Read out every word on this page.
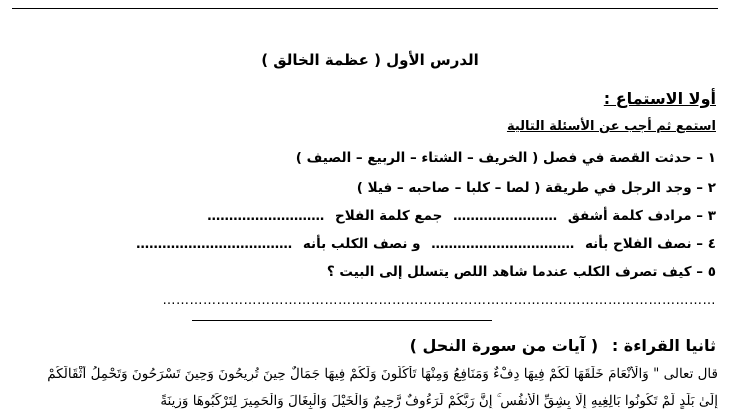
الدرس الأول ( عظمة الخالق )
أولا الاستماع :
استمع ثم أجب عن الأسئلة التالية
١ – حدثت القصة في فصل ( الخريف – الشتاء – الربيع – الصيف )
٢ – وجد الرجل في طريقة ( لصا – كلبا – صاحبه – فيلا )
٣ – مرادف كلمة أشفق …………………… جمع كلمة الفلاح ………………………
٤ – نصف الفلاح بأنه …………………………… و نصف الكلب بأنه ………………………………
٥ – كيف تصرف الكلب عندما شاهد اللص يتسلل إلى البيت ؟
……………………………………………………………………………………………………………
ثانيا القراءة : ( آيات من سورة النحل )
قال تعالى " وَالْأَنْعَامَ خَلَقَهَا لَكُمْ فِيهَا دِفْءٌ وَمَنَافِعُ وَمِنْهَا تَأْكُلُونَ وَلَكُمْ فِيهَا جَمَالٌ حِينَ تُرِيحُونَ وَحِينَ تَسْرَحُونَ وَتَحْمِلُ أَثْقَالَكُمْ
إِلَىٰ بَلَدٍ لَّمْ تَكُونُوا بَالِغِيهِ إِلَّا بِشِقِّ الْأَنفُسِ ۚ إِنَّ رَبَّكُمْ لَرَءُوفٌ رَّحِيمٌ وَالْخَيْلَ وَالْبِغَالَ وَالْحَمِيرَ لِتَرْكَبُوهَا وَزِينَةً
